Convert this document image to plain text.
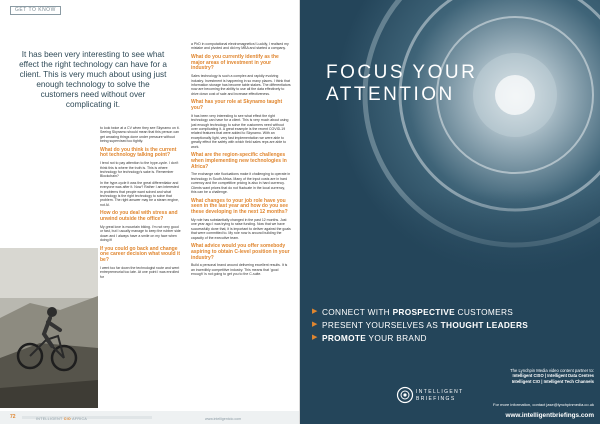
GET TO KNOW
It has been very interesting to see what effect the right technology can have for a client. This is very much about using just enough technology to solve the customers need without over complicating it.
to look twice at a CV when they see Skynamo on it. Seeing Skynamo should mean that this person can get amazing things done under pressure without being supervised too tightly.
What do you think is the current hot technology talking point?
I tend not to pay attention to the hype-cycle. I don't think this is where the truth is. This is where technology for technology's sake is. Remember Blockchain?
In the hype-cycle it was the great differentiator and everyone was after it. Now? Rather I am interested in problems that people want solved and what technology is the right technology to solve that problem. The right answer may be a steam engine, not AI.
How do you deal with stress and unwind outside the office?
My great love is mountain biking. I'm not very good or fast, but I usually manage to keep the rubber side down and I always have a smile on my face when doing it!
If you could go back and change one career decision what would it be?
I went too far down the technologist route and went entrepreneurial too late. At one point I was enrolled for
a PhD in computational electromagnetics! Luckily, I realised my mistake and pivoted and did my MBA and started a company.
What do you currently identify as the major areas of investment in your industry?
Sales technology is such a complex and rapidly evolving industry. Investment is happening in so many places. I think that information storage has become table stakes. The differentiators now are becoming the ability to use all the data effectively to drive down cost of sale and increase effectiveness.
What has your role at Skynamo taught you?
It has been very interesting to see what effect the right technology can have for a client. This is very much about using just enough technology to solve the customers need without over complicating it. A great example is the recent COVID-19 related features that were added to Skynamo. With an exceptionally light, very fast implementation we were able to greatly effect the safety with which field sales reps are able to work.
What are the region-specific challenges when implementing new technologies in Africa?
The exchange rate fluctuations make it challenging to operate in technology in South Africa. Many of the input costs are in hard currency and the competitive pricing is also in hard currency. Clients want prices that do not fluctuate in the local currency, this can be a challenge.
What changes to your job role have you seen in the last year and how do you see these developing in the next 12 months?
My role has substantially changed in the past 12 months. Just one year ago I was trying to raise funding. Now that we have successfully done that, it is important to deliver against the goals that were committed to. My role now is around building the capacity of the executive team.
What advice would you offer somebody aspiring to obtain C-level position in your industry?
Build a personal brand around delivering excellent results. It is an incredibly competitive industry. This means that 'good enough' is not going to get you to the C-suite.
72	INTELLIGENT CIO AFRICA	www.intelligentcio.com
FOCUS YOUR
ATTENTION
▶ CONNECT WITH PROSPECTIVE CUSTOMERS
▶ PRESENT YOURSELVES AS THOUGHT LEADERS
▶ PROMOTE YOUR BRAND
INTELLIGENT
BRIEFINGS
The Lynchpin Media video content partner to:
Intelligent CISO | Intelligent Data Centres
Intelligent CIO | Intelligent Tech Channels
For more information, contact jase@lynchpinmedia.co.uk
www.intelligentbriefings.com
